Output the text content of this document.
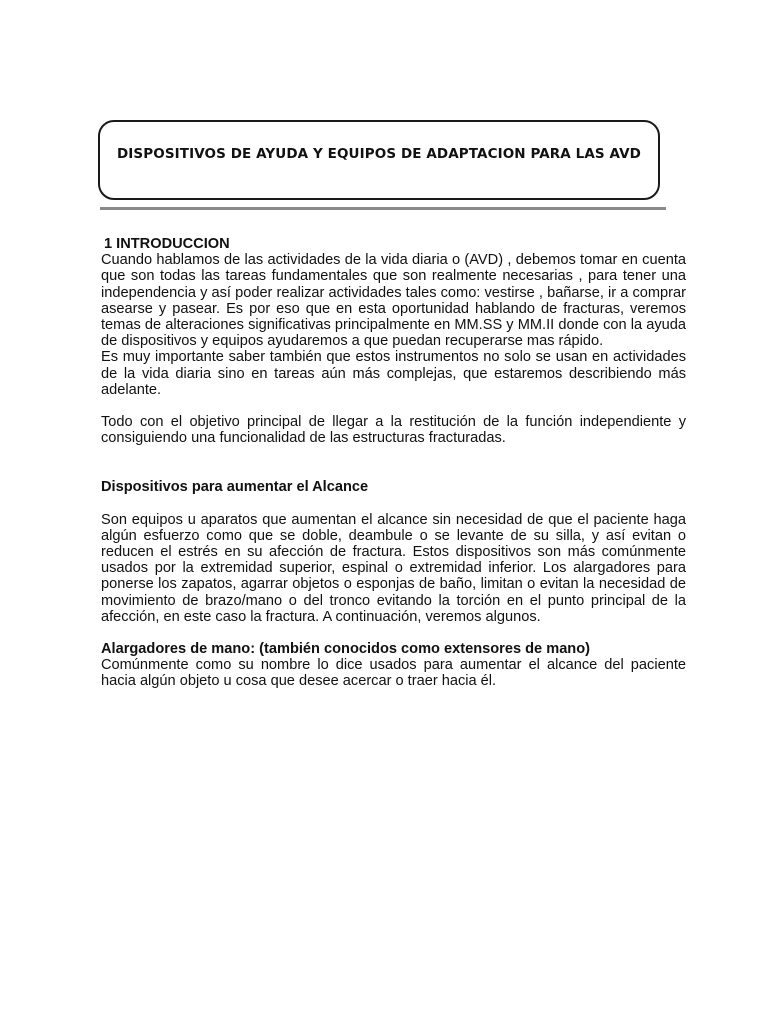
DISPOSITIVOS DE AYUDA Y EQUIPOS DE ADAPTACION PARA LAS AVD

1 INTRODUCCION

Cuando hablamos de las actividades de la vida diaria o (AVD) , debemos tomar en cuenta que son todas las tareas fundamentales que son realmente necesarias , para tener una independencia y así poder realizar actividades tales como: vestirse , bañarse, ir a comprar asearse y pasear. Es por eso que en esta oportunidad hablando de fracturas, veremos temas de alteraciones significativas principalmente en MM.SS y MM.II donde con la ayuda de dispositivos y equipos ayudaremos a que puedan recuperarse mas rápido.

Es muy importante saber también que estos instrumentos no solo se usan en actividades de la vida diaria sino en tareas aún más complejas, que estaremos describiendo más adelante.

Todo con el objetivo principal de llegar a la restitución de la función independiente y consiguiendo una funcionalidad de las estructuras fracturadas.

Dispositivos para aumentar el Alcance

Son equipos u aparatos que aumentan el alcance sin necesidad de que el paciente haga algún esfuerzo como que se doble, deambule o se levante de su silla, y así evitan o reducen el estrés en su afección de fractura. Estos dispositivos son más comúnmente usados por la extremidad superior, espinal o extremidad inferior. Los alargadores para ponerse los zapatos, agarrar objetos o esponjas de baño, limitan o evitan la necesidad de movimiento de brazo/mano o del tronco evitando la torción en el punto principal de la afección, en este caso la fractura. A continuación, veremos algunos.

Alargadores de mano: (también conocidos como extensores de mano)

Comúnmente como su nombre lo dice usados para aumentar el alcance del paciente hacia algún objeto u cosa que desee acercar o traer hacia él.
